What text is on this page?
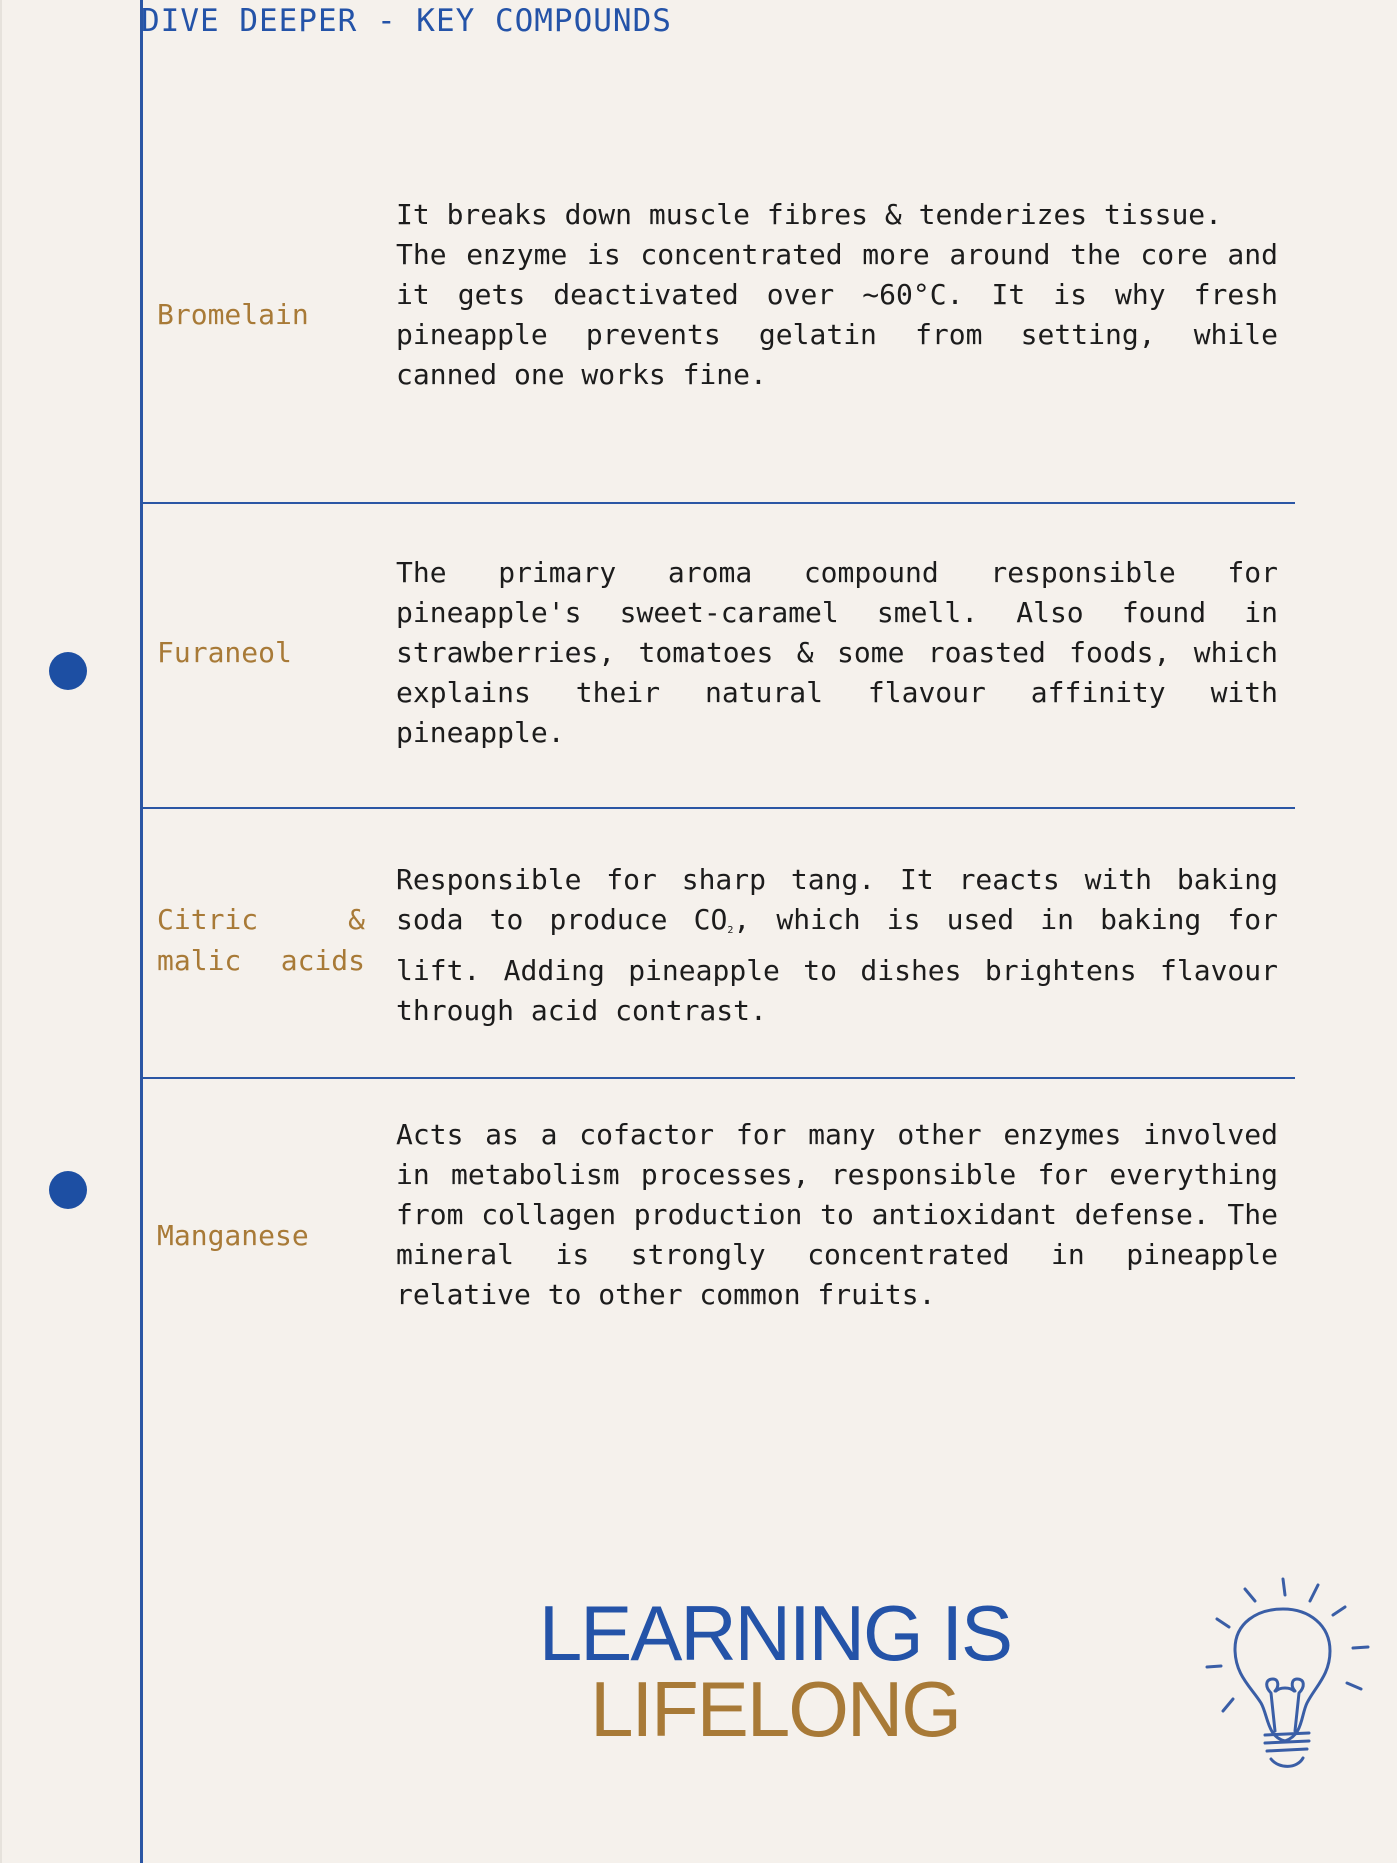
DIVE DEEPER - KEY COMPOUNDS
Bromelain

It breaks down muscle fibres & tenderizes tissue.

The enzyme is concentrated more around the core and it gets deactivated over ~60°C. It is why fresh pineapple prevents gelatin from setting, while canned one works fine.

Furaneol

The primary aroma compound responsible for pineapple's sweet-caramel smell. Also found in strawberries, tomatoes & some roasted foods, which explains their natural flavour affinity with pineapple.

Citric & malic acids

Responsible for sharp tang. It reacts with baking soda to produce $CO_2$, which is used in baking for lift. Adding pineapple to dishes brightens flavour through acid contrast.

Manganese

Acts as a cofactor for many other enzymes involved in metabolism processes, responsible for everything from collagen production to antioxidant defense. The mineral is strongly concentrated in pineapple relative to other common fruits.

LEARNING IS
LIFELONG
